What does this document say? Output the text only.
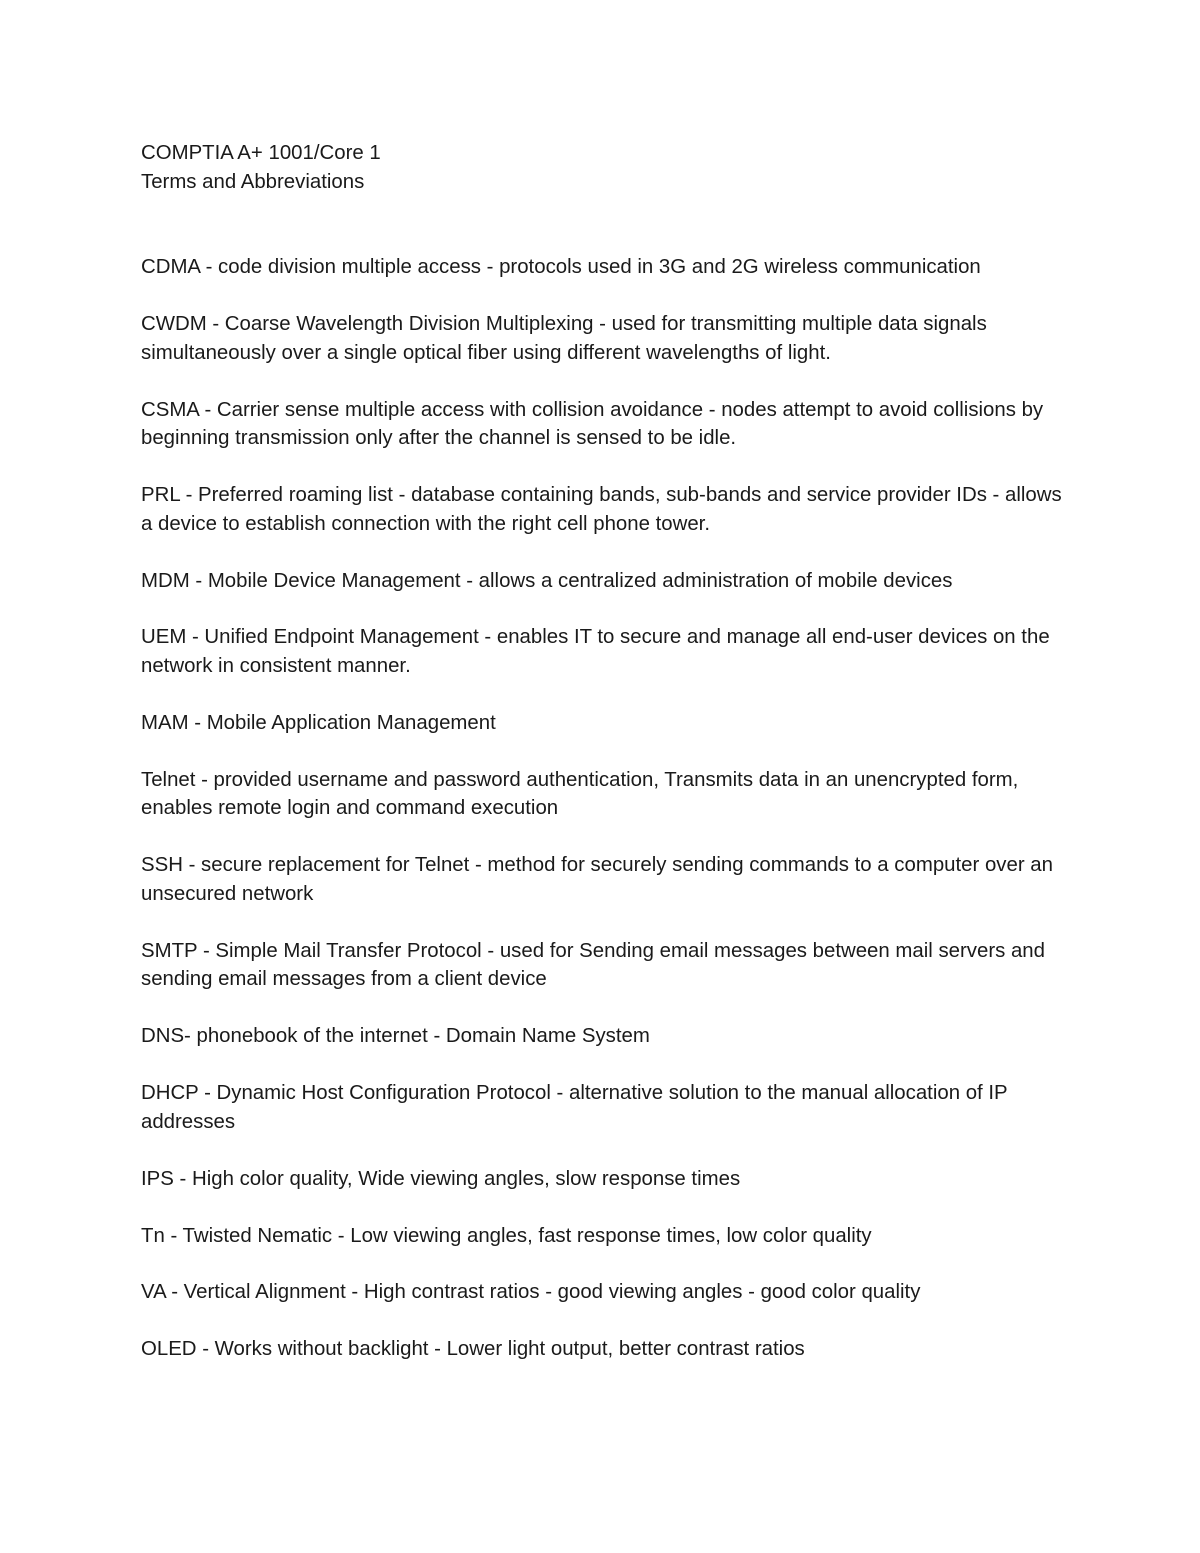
COMPTIA A+ 1001/Core 1
Terms and Abbreviations

CDMA - code division multiple access - protocols used in 3G and 2G wireless communication

CWDM - Coarse Wavelength Division Multiplexing - used for transmitting multiple data signals simultaneously over a single optical fiber using different wavelengths of light.

CSMA - Carrier sense multiple access with collision avoidance - nodes attempt to avoid collisions by beginning transmission only after the channel is sensed to be idle.

PRL - Preferred roaming list - database containing bands, sub-bands and service provider IDs - allows a device to establish connection with the right cell phone tower.

MDM - Mobile Device Management - allows a centralized administration of mobile devices

UEM - Unified Endpoint Management - enables IT to secure and manage all end-user devices on the network in consistent manner.

MAM - Mobile Application Management

Telnet - provided username and password authentication, Transmits data in an unencrypted form, enables remote login and command execution

SSH - secure replacement for Telnet - method for securely sending commands to a computer over an unsecured network

SMTP - Simple Mail Transfer Protocol - used for Sending email messages between mail servers and sending email messages from a client device

DNS- phonebook of the internet - Domain Name System

DHCP - Dynamic Host Configuration Protocol - alternative solution to the manual allocation of IP addresses

IPS - High color quality, Wide viewing angles, slow response times

Tn - Twisted Nematic - Low viewing angles, fast response times, low color quality

VA - Vertical Alignment - High contrast ratios - good viewing angles - good color quality

OLED - Works without backlight - Lower light output, better contrast ratios
